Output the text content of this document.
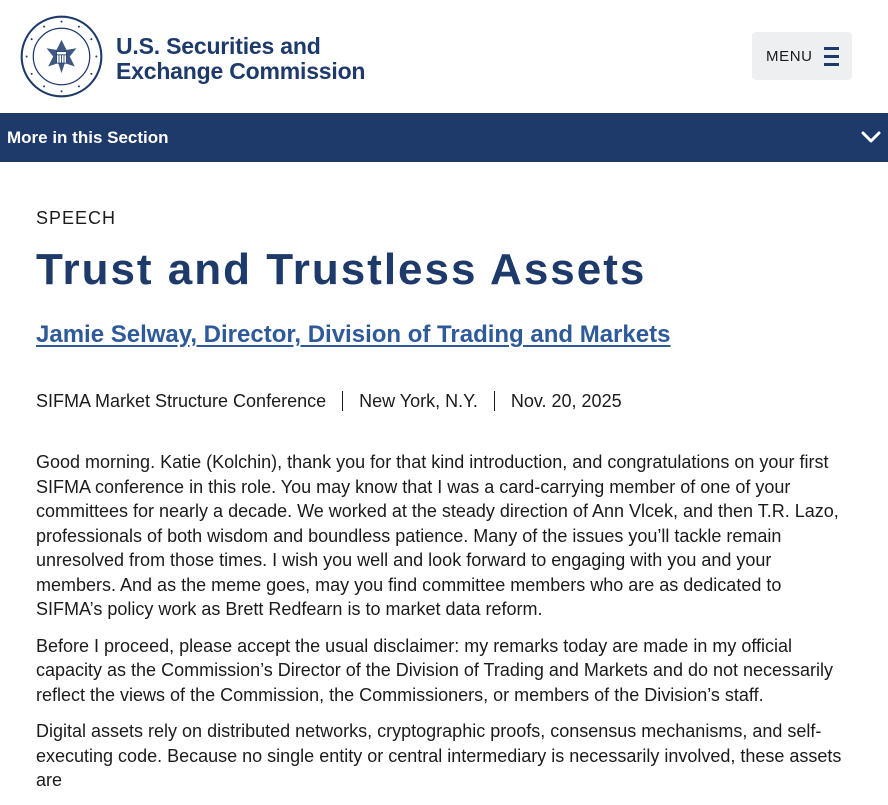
U.S. Securities and
Exchange Commission
MENU
More in this Section
SPEECH
Trust and Trustless Assets
Jamie Selway, Director, Division of Trading and Markets
SIFMA Market Structure Conference New York, N.Y. Nov. 20, 2025

Good morning. Katie (Kolchin), thank you for that kind introduction, and congratulations on your first SIFMA conference in this role. You may know that I was a card-carrying member of one of your committees for nearly a decade. We worked at the steady direction of Ann Vlcek, and then T.R. Lazo, professionals of both wisdom and boundless patience. Many of the issues you’ll tackle remain unresolved from those times. I wish you well and look forward to engaging with you and your members. And as the meme goes, may you find committee members who are as dedicated to SIFMA’s policy work as Brett Redfearn is to market data reform.

Before I proceed, please accept the usual disclaimer: my remarks today are made in my official capacity as the Commission’s Director of the Division of Trading and Markets and do not necessarily reflect the views of the Commission, the Commissioners, or members of the Division’s staff.

Digital assets rely on distributed networks, cryptographic proofs, consensus mechanisms, and self-executing code. Because no single entity or central intermediary is necessarily involved, these assets are
